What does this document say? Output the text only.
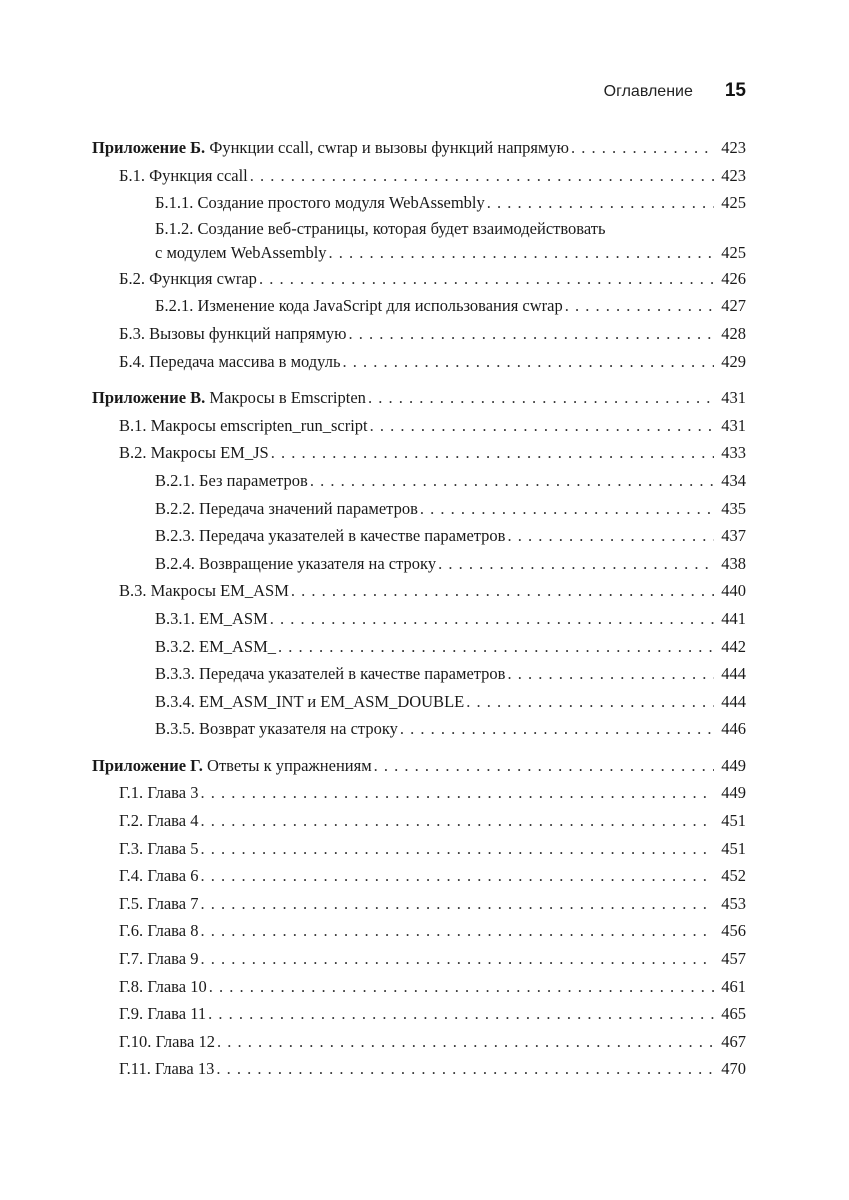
Оглавление 15
Приложение Б. Функции ccall, cwrap и вызовы функций напрямую . . .	423
Б.1. Функция ccall . . .	423
Б.1.1. Создание простого модуля WebAssembly . . .	425
Б.1.2. Создание веб-страницы, которая будет взаимодействовать
с модулем WebAssembly . . .	425
Б.2. Функция cwrap . . .	426
Б.2.1. Изменение кода JavaScript для использования cwrap . . .	427
Б.3. Вызовы функций напрямую . . .	428
Б.4. Передача массива в модуль . . .	429
Приложение В. Макросы в Emscripten . . .	431
В.1. Макросы emscripten_run_script . . .	431
В.2. Макросы EM_JS . . .	433
В.2.1. Без параметров . . .	434
В.2.2. Передача значений параметров . . .	435
В.2.3. Передача указателей в качестве параметров . . .	437
В.2.4. Возвращение указателя на строку . . .	438
В.3. Макросы EM_ASM . . .	440
В.3.1. EM_ASM . . .	441
В.3.2. EM_ASM_ . . .	442
В.3.3. Передача указателей в качестве параметров . . .	444
В.3.4. EM_ASM_INT и EM_ASM_DOUBLE . . .	444
В.3.5. Возврат указателя на строку . . .	446
Приложение Г. Ответы к упражнениям . . .	449
Г.1. Глава 3 . . .	449
Г.2. Глава 4 . . .	451
Г.3. Глава 5 . . .	451
Г.4. Глава 6 . . .	452
Г.5. Глава 7 . . .	453
Г.6. Глава 8 . . .	456
Г.7. Глава 9 . . .	457
Г.8. Глава 10 . . .	461
Г.9. Глава 11 . . .	465
Г.10. Глава 12 . . .	467
Г.11. Глава 13 . . .	470
